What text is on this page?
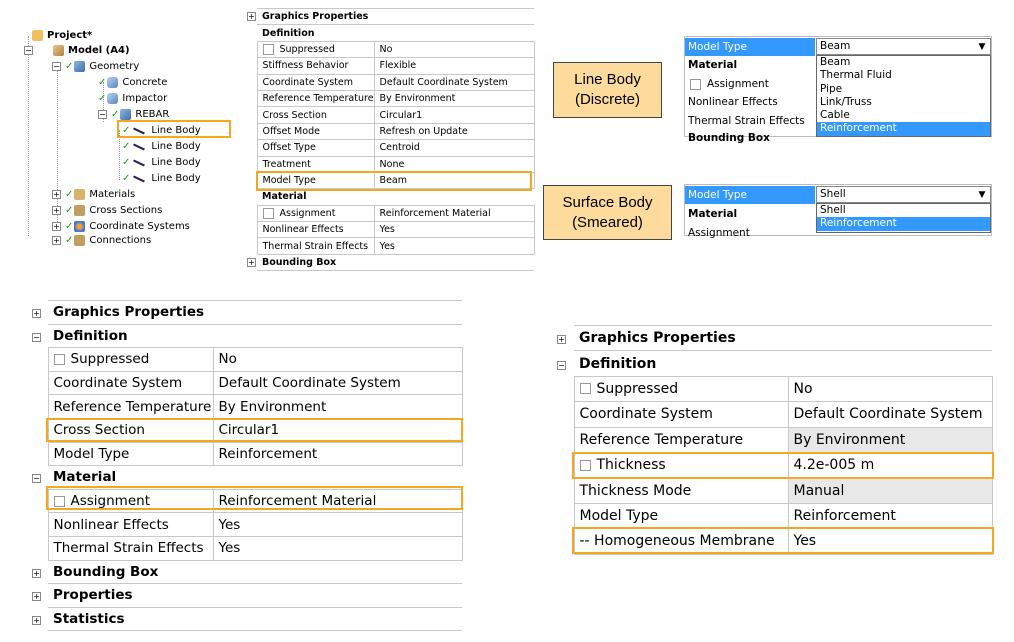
Project*
−	Model (A4)
− ✓ Geometry
✓ Concrete
✓ Impactor
− ✓ REBAR
✓ Line Body
✓ Line Body
✓ Line Body
✓ Line Body
+ ✓ Materials
+ ✓ Cross Sections
+ ✓ Coordinate Systems
+ ✓ Connections
+	Graphics Properties	
	Definition	
	Suppressed	No
	Stiffness Behavior	Flexible
	Coordinate System	Default Coordinate System
	Reference Temperature	By Environment
	Cross Section	Circular1
	Offset Mode	Refresh on Update
	Offset Type	Centroid
	Treatment	None
	Model Type	Beam
	Material	
	Assignment	Reinforcement Material
	Nonlinear Effects	Yes
	Thermal Strain Effects	Yes
+	Bounding Box	
Line Body
(Discrete)
Surface Body
(Smeared)
Model Type
Material
Assignment
Nonlinear Effects
Thermal Strain Effects
Bounding Box
Beam	▼
Beam
Thermal Fluid
Pipe
Link/Truss
Cable
Reinforcement
Model Type
Material
Assignment
Shell	▼
Shell
Reinforcement
+	Graphics Properties	
−	Definition	
	Suppressed	No
	Coordinate System	Default Coordinate System
	Reference Temperature	By Environment
	Cross Section	Circular1
	Model Type	Reinforcement
−	Material	
	Assignment	Reinforcement Material
	Nonlinear Effects	Yes
	Thermal Strain Effects	Yes
+	Bounding Box	
+	Properties	
+	Statistics	
+	Graphics Properties	
−	Definition	
	Suppressed	No
	Coordinate System	Default Coordinate System
	Reference Temperature	By Environment
	Thickness	4.2e-005 m
	Thickness Mode	Manual
	Model Type	Reinforcement
	-- Homogeneous Membrane	Yes
